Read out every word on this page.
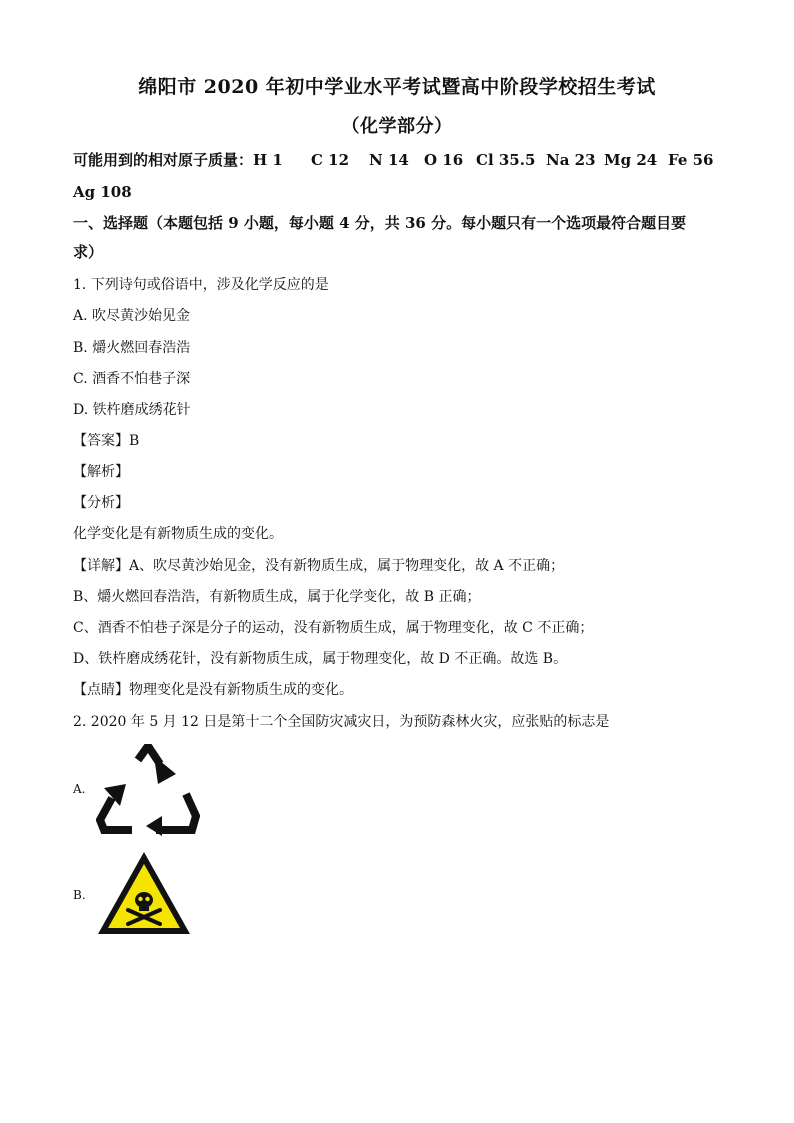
绵阳市 2020 年初中学业水平考试暨高中阶段学校招生考试
（化学部分）
可能用到的相对原子质量：H 1 C 12 N 14 O 16 Cl 35.5 Na 23 Mg 24 Fe 56
Ag 108
一、选择题（本题包括 9 小题，每小题 4 分，共 36 分。每小题只有一个选项最符合题目要
求）
1. 下列诗句或俗语中，涉及化学反应的是
A. 吹尽黄沙始见金
B. 爝火燃回春浩浩
C. 酒香不怕巷子深
D. 铁杵磨成绣花针
【答案】B
【解析】
【分析】
化学变化是有新物质生成的变化。
【详解】A、吹尽黄沙始见金，没有新物质生成，属于物理变化，故 A 不正确；
B、爝火燃回春浩浩，有新物质生成，属于化学变化，故 B 正确；
C、酒香不怕巷子深是分子的运动，没有新物质生成，属于物理变化，故 C 不正确；
D、铁杵磨成绣花针，没有新物质生成，属于物理变化，故 D 不正确。故选 B。
【点睛】物理变化是没有新物质生成的变化。
2. 2020 年 5 月 12 日是第十二个全国防灾减灾日，为预防森林火灾，应张贴的标志是
A.
B.
